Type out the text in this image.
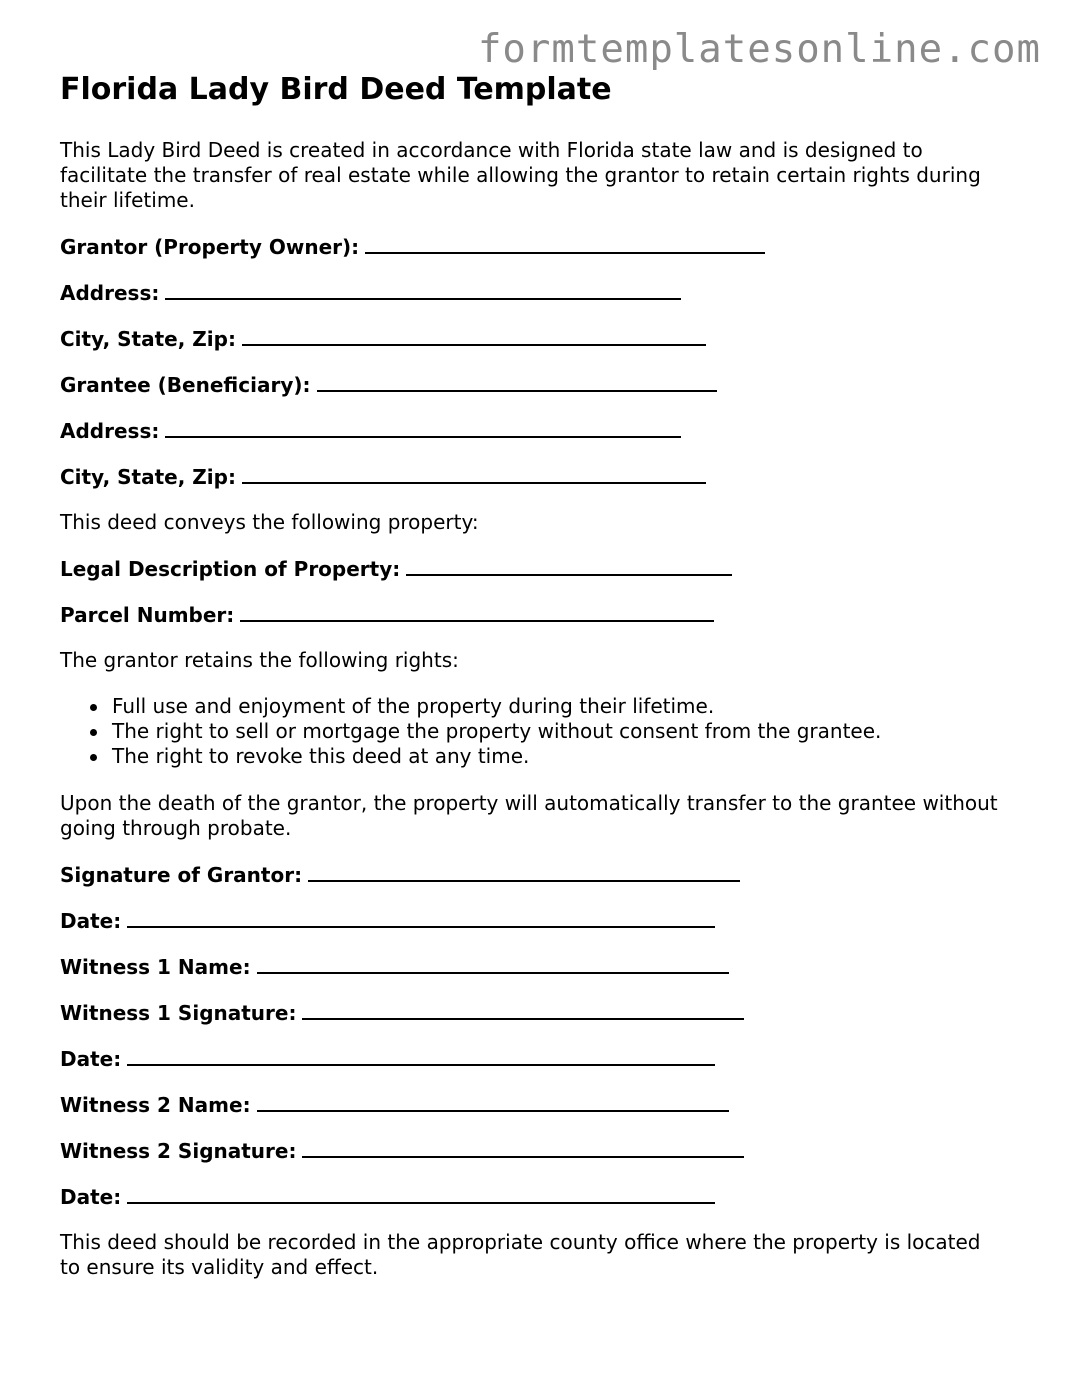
formtemplatesonline.com
Florida Lady Bird Deed Template

This Lady Bird Deed is created in accordance with Florida state law and is designed to facilitate the transfer of real estate while allowing the grantor to retain certain rights during their lifetime.

Grantor (Property Owner):
Address:
City, State, Zip:
Grantee (Beneficiary):
Address:
City, State, Zip:

This deed conveys the following property:

Legal Description of Property:
Parcel Number:

The grantor retains the following rights:

Full use and enjoyment of the property during their lifetime.
The right to sell or mortgage the property without consent from the grantee.
The right to revoke this deed at any time.

Upon the death of the grantor, the property will automatically transfer to the grantee without going through probate.

Signature of Grantor:
Date:
Witness 1 Name:
Witness 1 Signature:
Date:
Witness 2 Name:
Witness 2 Signature:
Date:

This deed should be recorded in the appropriate county office where the property is located to ensure its validity and effect.
